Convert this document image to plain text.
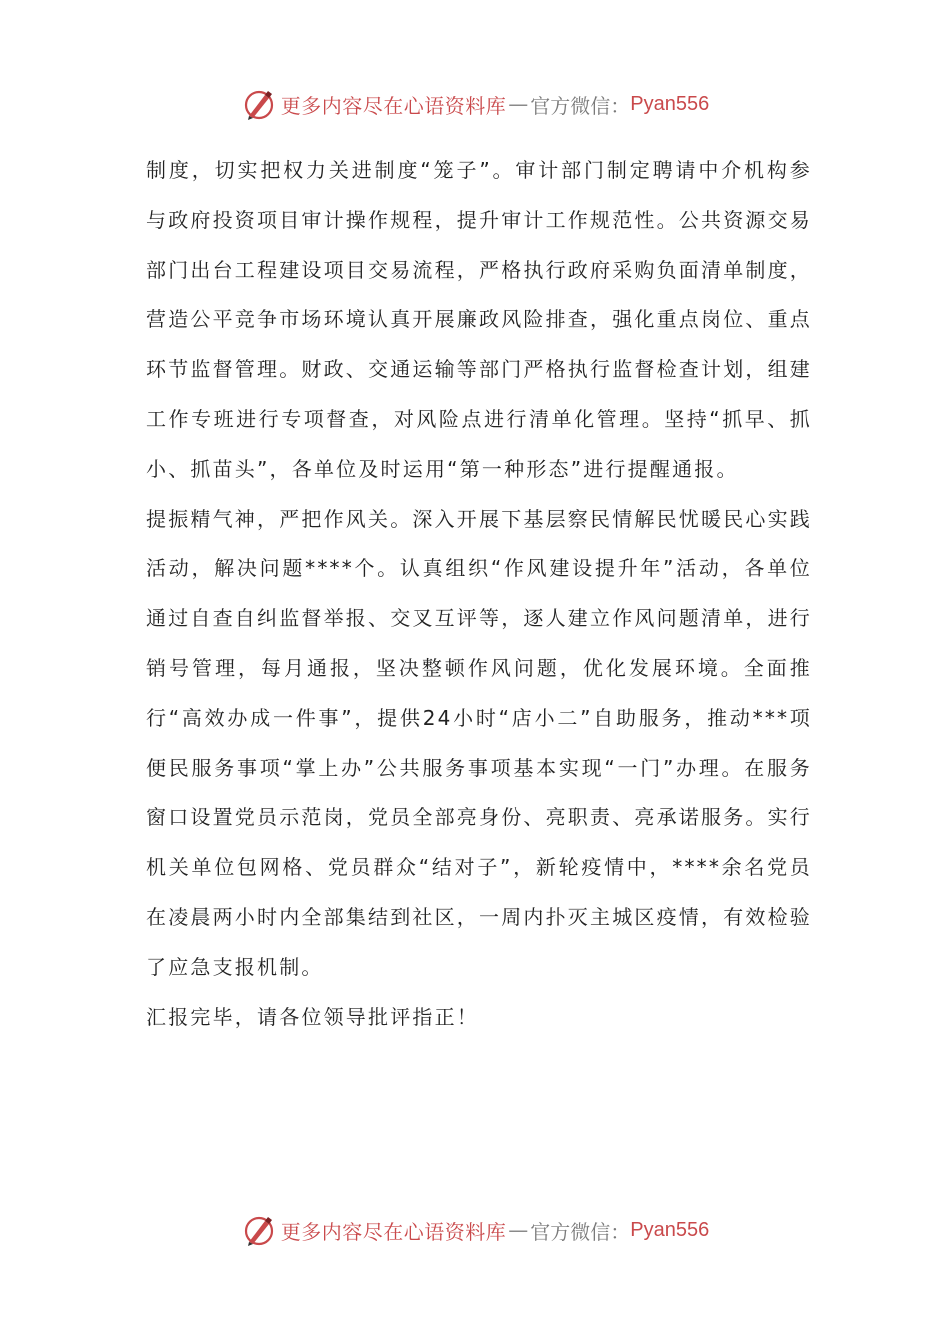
更多内容尽在心语资料库 — 官方微信： Pyan556

制度，切实把权力关进制度“笼子”。审计部门制定聘请中介机构参与政府投资项目审计操作规程，提升审计工作规范性。公共资源交易部门出台工程建设项目交易流程，严格执行政府采购负面清单制度，营造公平竞争市场环境认真开展廉政风险排查，强化重点岗位、重点环节监督管理。财政、交通运输等部门严格执行监督检查计划，组建工作专班进行专项督查，对风险点进行清单化管理。坚持“抓早、抓小、抓苗头”，各单位及时运用“第一种形态”进行提醒通报。

提振精气神，严把作风关。深入开展下基层察民情解民忧暖民心实践活动，解决问题****个。认真组织“作风建设提升年”活动，各单位通过自查自纠监督举报、交叉互评等，逐人建立作风问题清单，进行销号管理，每月通报，坚决整顿作风问题，优化发展环境。全面推行“高效办成一件事”，提供24小时“店小二”自助服务，推动***项便民服务事项“掌上办”公共服务事项基本实现“一门”办理。在服务窗口设置党员示范岗，党员全部亮身份、亮职责、亮承诺服务。实行机关单位包网格、党员群众“结对子”，新轮疫情中，****余名党员在凌晨两小时内全部集结到社区，一周内扑灭主城区疫情，有效检验了应急支报机制。

汇报完毕，请各位领导批评指正！

更多内容尽在心语资料库 — 官方微信： Pyan556
